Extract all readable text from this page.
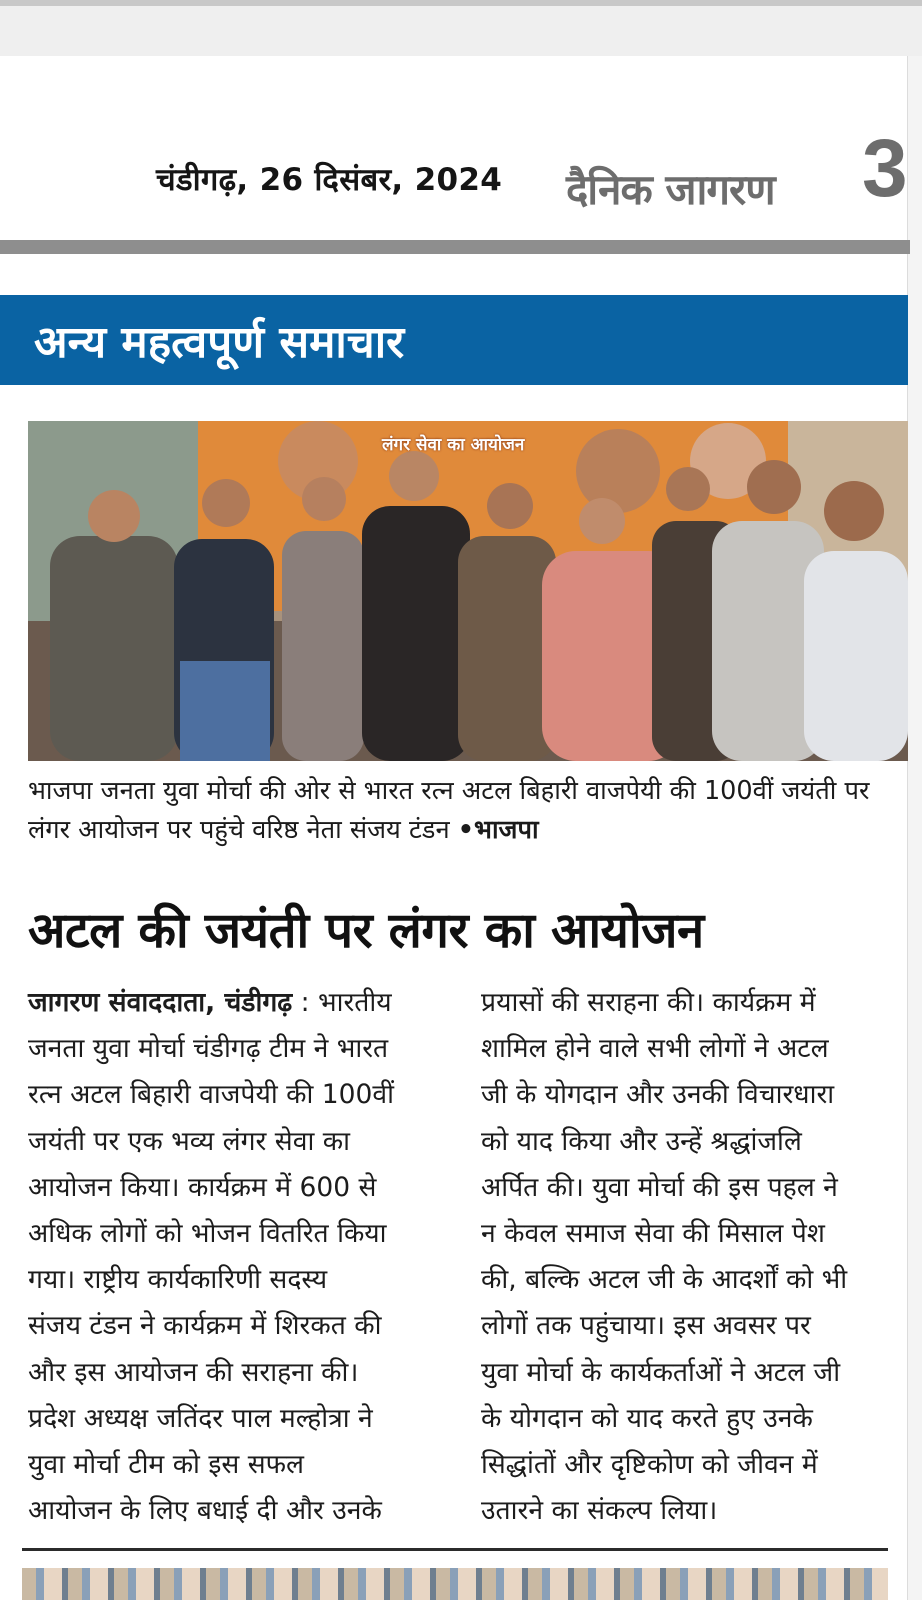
चंडीगढ़, 26 दिसंबर, 2024 दैनिक जागरण 3
अन्य महत्वपूर्ण समाचार
लंगर सेवा का आयोजन
भाजपा जनता युवा मोर्चा की ओर से भारत रत्न अटल बिहारी वाजपेयी की 100वीं जयंती पर लंगर आयोजन पर पहुंचे वरिष्ठ नेता संजय टंडन •भाजपा
अटल की जयंती पर लंगर का आयोजन
जागरण संवाददाता, चंडीगढ़ : भारतीय
जनता युवा मोर्चा चंडीगढ़ टीम ने भारत
रत्न अटल बिहारी वाजपेयी की 100वीं
जयंती पर एक भव्य लंगर सेवा का
आयोजन किया। कार्यक्रम में 600 से
अधिक लोगों को भोजन वितरित किया
गया। राष्ट्रीय कार्यकारिणी सदस्य
संजय टंडन ने कार्यक्रम में शिरकत की
और इस आयोजन की सराहना की।
प्रदेश अध्यक्ष जतिंदर पाल मल्होत्रा ने
युवा मोर्चा टीम को इस सफल
आयोजन के लिए बधाई दी और उनके
प्रयासों की सराहना की। कार्यक्रम में
शामिल होने वाले सभी लोगों ने अटल
जी के योगदान और उनकी विचारधारा
को याद किया और उन्हें श्रद्धांजलि
अर्पित की। युवा मोर्चा की इस पहल ने
न केवल समाज सेवा की मिसाल पेश
की, बल्कि अटल जी के आदर्शों को भी
लोगों तक पहुंचाया। इस अवसर पर
युवा मोर्चा के कार्यकर्ताओं ने अटल जी
के योगदान को याद करते हुए उनके
सिद्धांतों और दृष्टिकोण को जीवन में
उतारने का संकल्प लिया।
